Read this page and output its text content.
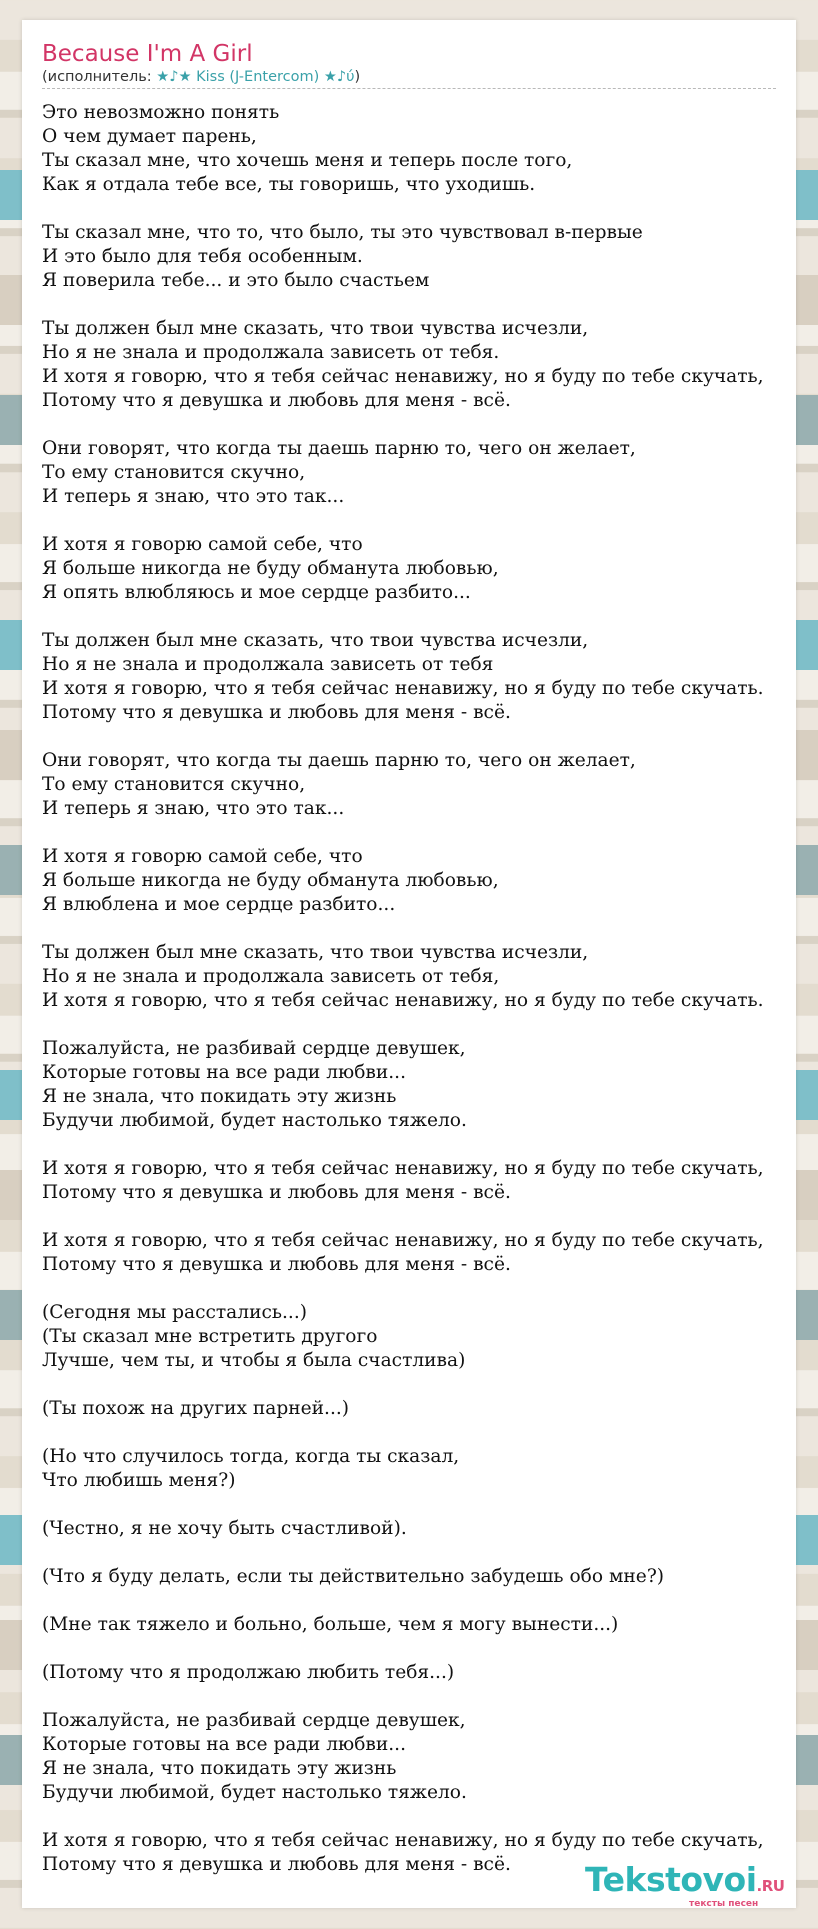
Because I'm A Girl
(исполнитель: ★♪★ Kiss (J-Entercom) ★♪ύ)
Это невозможно понять
О чем думает парень,
Ты сказал мне, что хочешь меня и теперь после того,
Как я отдала тебе все, ты говоришь, что уходишь.
Ты сказал мне, что то, что было, ты это чувствовал в-первые
И это было для тебя особенным.
Я поверила тебе... и это было счастьем
Ты должен был мне сказать, что твои чувства исчезли,
Но я не знала и продолжала зависеть от тебя.
И хотя я говорю, что я тебя сейчас ненавижу, но я буду по тебе скучать,
Потому что я девушка и любовь для меня - всё.
Они говорят, что когда ты даешь парню то, чего он желает,
То ему становится скучно,
И теперь я знаю, что это так...
И хотя я говорю самой себе, что
Я больше никогда не буду обманута любовью,
Я опять влюбляюсь и мое сердце разбито...
Ты должен был мне сказать, что твои чувства исчезли,
Но я не знала и продолжала зависеть от тебя
И хотя я говорю, что я тебя сейчас ненавижу, но я буду по тебе скучать.
Потому что я девушка и любовь для меня - всё.
Они говорят, что когда ты даешь парню то, чего он желает,
То ему становится скучно,
И теперь я знаю, что это так...
И хотя я говорю самой себе, что
Я больше никогда не буду обманута любовью,
Я влюблена и мое сердце разбито...
Ты должен был мне сказать, что твои чувства исчезли,
Но я не знала и продолжала зависеть от тебя,
И хотя я говорю, что я тебя сейчас ненавижу, но я буду по тебе скучать.
Пожалуйста, не разбивай сердце девушек,
Которые готовы на все ради любви...
Я не знала, что покидать эту жизнь
Будучи любимой, будет настолько тяжело.
И хотя я говорю, что я тебя сейчас ненавижу, но я буду по тебе скучать,
Потому что я девушка и любовь для меня - всё.
И хотя я говорю, что я тебя сейчас ненавижу, но я буду по тебе скучать,
Потому что я девушка и любовь для меня - всё.
(Сегодня мы расстались...)
(Ты сказал мне встретить другого
Лучше, чем ты, и чтобы я была счастлива)
(Ты похож на других парней...)
(Но что случилось тогда, когда ты сказал,
Что любишь меня?)
(Честно, я не хочу быть счастливой).
(Что я буду делать, если ты действительно забудешь обо мне?)
(Мне так тяжело и больно, больше, чем я могу вынести...)
(Потому что я продолжаю любить тебя...)
Пожалуйста, не разбивай сердце девушек,
Которые готовы на все ради любви...
Я не знала, что покидать эту жизнь
Будучи любимой, будет настолько тяжело.
И хотя я говорю, что я тебя сейчас ненавижу, но я буду по тебе скучать,
Потому что я девушка и любовь для меня - всё.	Tekstovoi.RU
тексты песен
